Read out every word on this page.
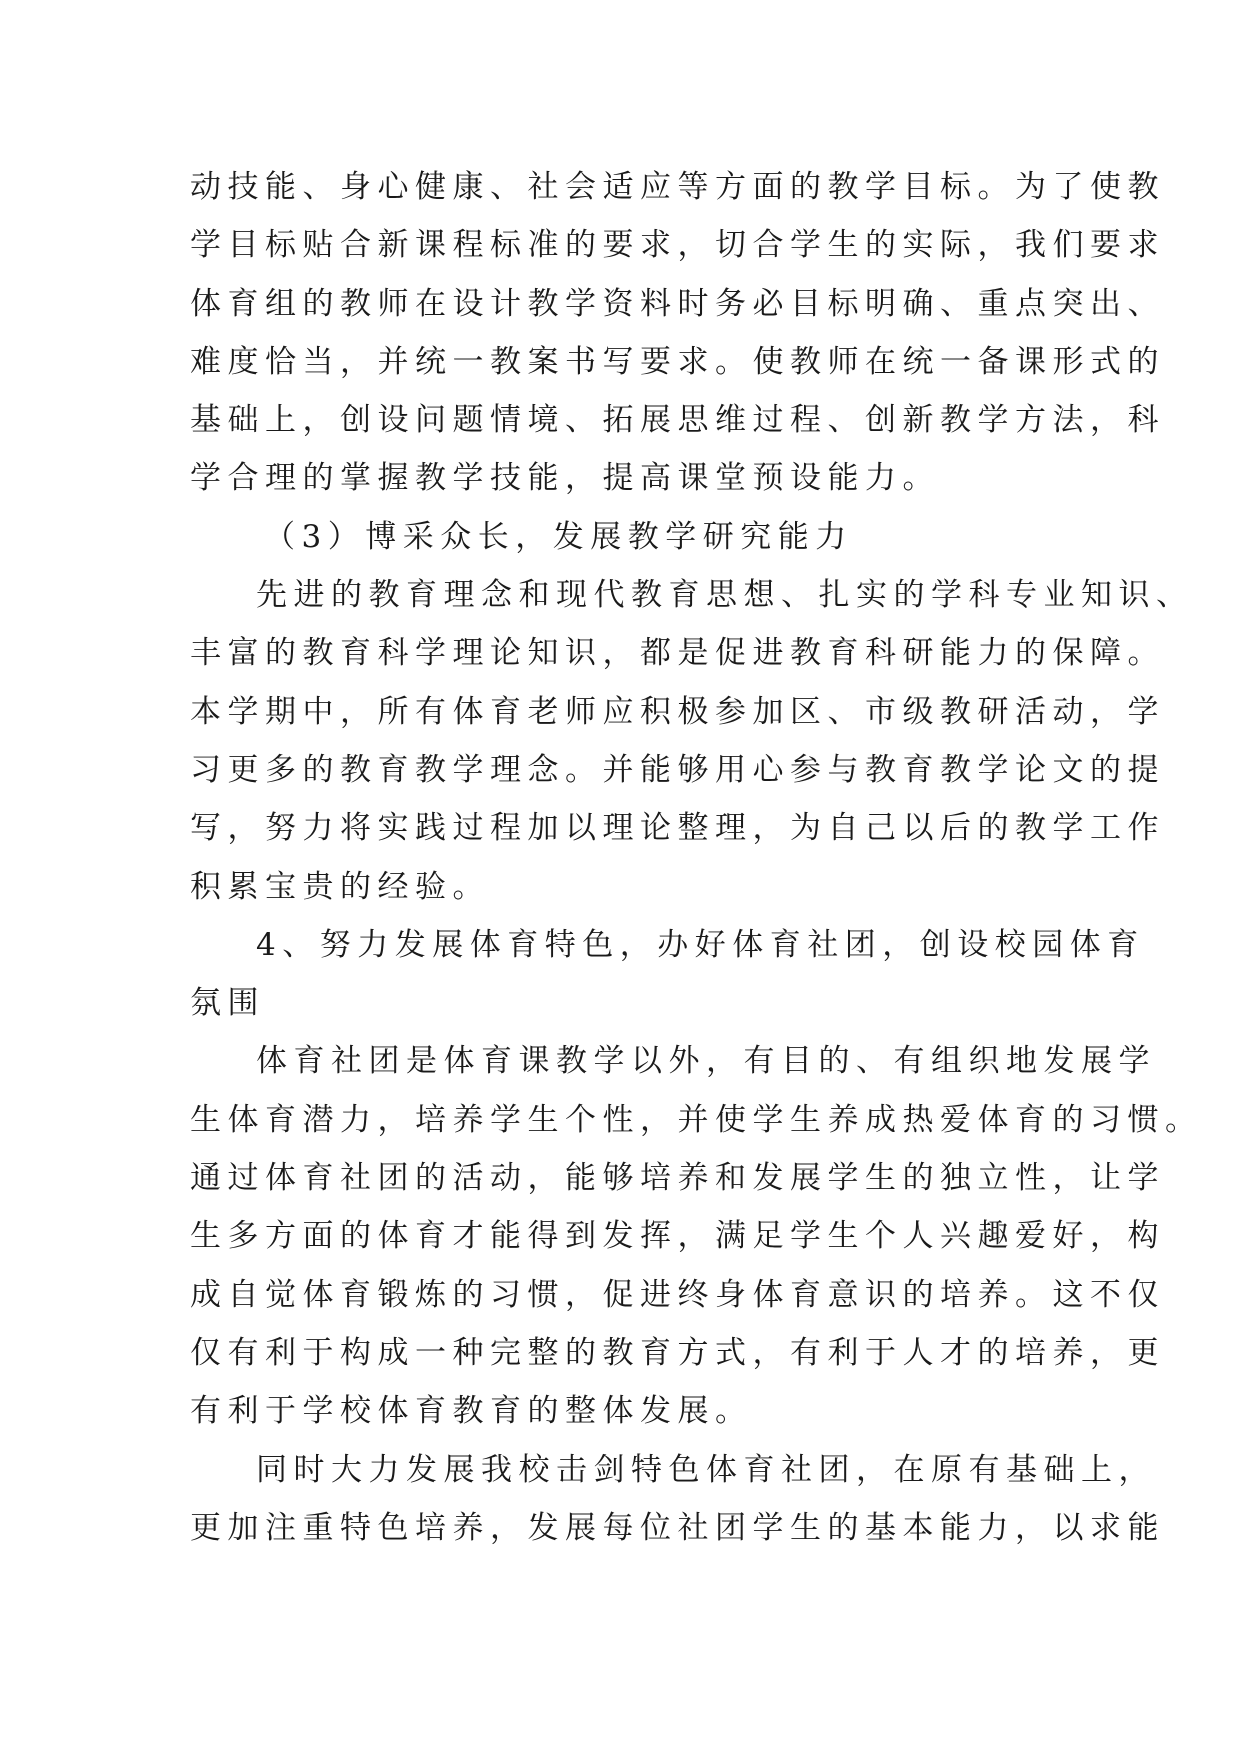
动技能、身心健康、社会适应等方面的教学目标。为了使教
学目标贴合新课程标准的要求，切合学生的实际，我们要求
体育组的教师在设计教学资料时务必目标明确、重点突出、
难度恰当，并统一教案书写要求。使教师在统一备课形式的
基础上，创设问题情境、拓展思维过程、创新教学方法，科
学合理的掌握教学技能，提高课堂预设能力。
（3）博采众长，发展教学研究能力
先进的教育理念和现代教育思想、扎实的学科专业知识、
丰富的教育科学理论知识，都是促进教育科研能力的保障。
本学期中，所有体育老师应积极参加区、市级教研活动，学
习更多的教育教学理念。并能够用心参与教育教学论文的提
写，努力将实践过程加以理论整理，为自己以后的教学工作
积累宝贵的经验。
4、努力发展体育特色，办好体育社团，创设校园体育
氛围
体育社团是体育课教学以外，有目的、有组织地发展学
生体育潜力，培养学生个性，并使学生养成热爱体育的习惯。
通过体育社团的活动，能够培养和发展学生的独立性，让学
生多方面的体育才能得到发挥，满足学生个人兴趣爱好，构
成自觉体育锻炼的习惯，促进终身体育意识的培养。这不仅
仅有利于构成一种完整的教育方式，有利于人才的培养，更
有利于学校体育教育的整体发展。
同时大力发展我校击剑特色体育社团，在原有基础上，
更加注重特色培养，发展每位社团学生的基本能力，以求能
